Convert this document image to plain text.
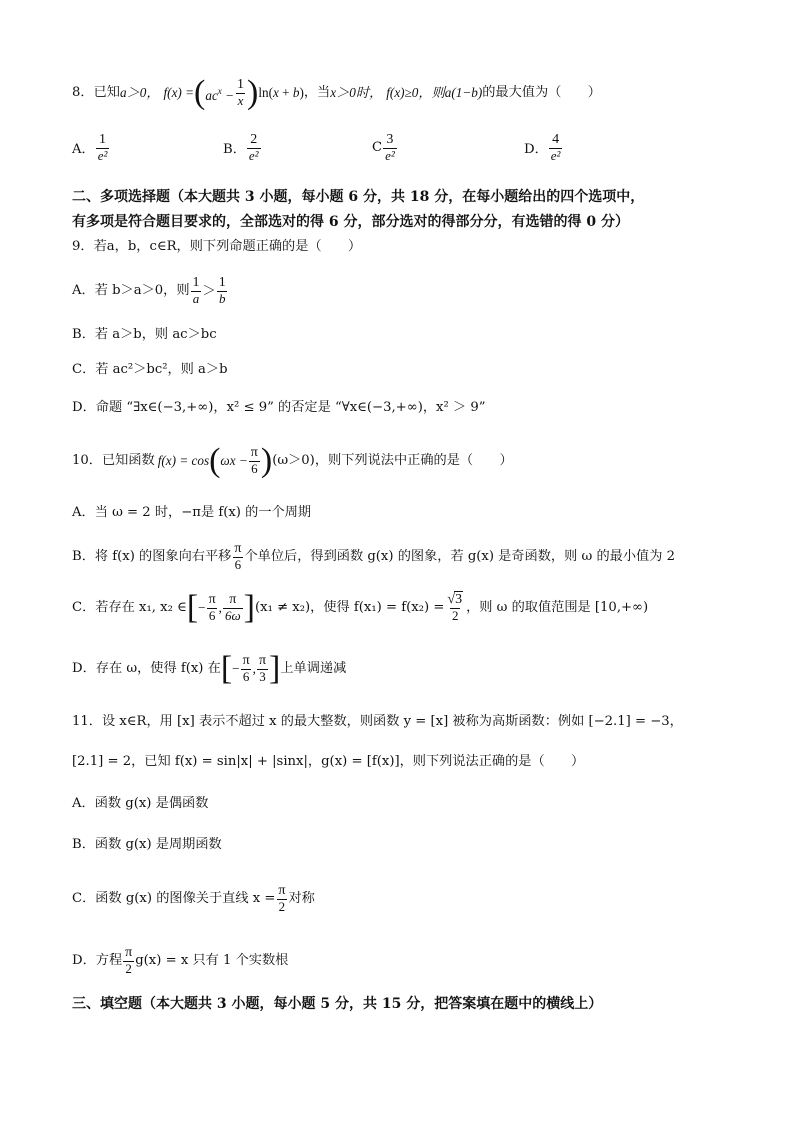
8．已知 a＞0， f(x) = ( $ac^x - \frac{1}{x}$ ) ln(x + b) ，当 x＞0时， f(x)≥0，则 a(1−b) 的最大值为（　　）
A． $\frac{1}{\text{e²}}$	B． $\frac{2}{\text{e²}}$	C $\frac{3}{\text{e²}}$	D． $\frac{4}{\text{e²}}$
二、多项选择题（本大题共 3 小题，每小题 6 分，共 18 分，在每小题给出的四个选项中，
有多项是符合题目要求的，全部选对的得 6 分，部分选对的得部分分，有选错的得 0 分）
9．若a，b，c∈R，则下列命题正确的是（　　）
A．若 b＞a＞0，则 $\frac{1}{a} > \frac{1}{b}$
B．若 a＞b，则 ac＞bc
C．若 ac²＞bc²，则 a＞b
D．命题 “∃x∈(−3,+∞)，x² ≤ 9” 的否定是 “∀x∈(−3,+∞)，x² ＞ 9”
10．已知函数 f(x) = cos ( $\omega x - \frac{\pi}{6}$ ) (ω＞0)，则下列说法中正确的是（　　）
A．当 ω = 2 时，−π是 f(x) 的一个周期
B．将 f(x) 的图象向右平移 $\frac{\pi}{6}$ 个单位后，得到函数 g(x) 的图象，若 g(x) 是奇函数，则 ω 的最小值为 2
C．若存在 x₁, x₂ ∈ [ − $\frac{\pi}{6}$ , $\frac{\pi}{6\omega}$ ] (x₁ ≠ x₂)，使得 $f(x_1) = f(x_2) = \frac{√3}{2}$ ，则 ω 的取值范围是 [10,+∞)
D．存在 ω，使得 f(x) 在 [ − $\frac{\pi}{6}$ , $\frac{\pi}{3}$ ] 上单调递减
11．设 x∈R，用 [x] 表示不超过 x 的最大整数，则函数 y = [x] 被称为高斯函数：例如 [−2.1] = −3，
[2.1] = 2，已知 f(x) = sin|x| + |sinx|，g(x) = [f(x)]，则下列说法正确的是（　　）
A．函数 g(x) 是偶函数
B．函数 g(x) 是周期函数
C．函数 g(x) 的图像关于直线 $x = \frac{\pi}{2}$ 对称
D．方程 $\frac{\pi}{2} g(x) = x$ 只有 1 个实数根
三、填空题（本大题共 3 小题，每小题 5 分，共 15 分，把答案填在题中的横线上）
